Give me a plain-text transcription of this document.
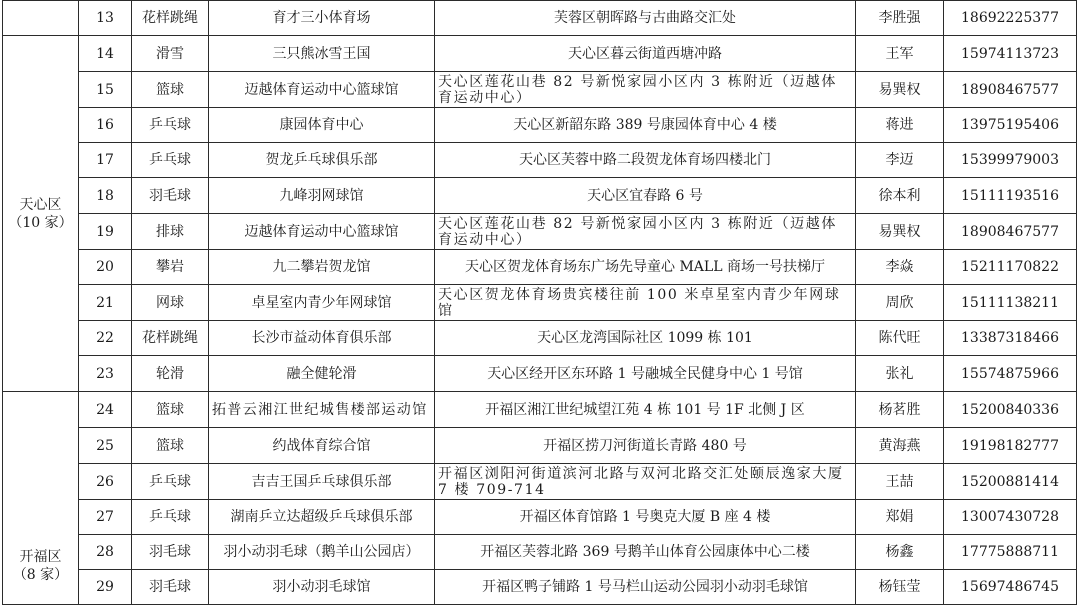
	13	花样跳绳	育才三小体育场	芙蓉区朝晖路与古曲路交汇处	李胜强	18692225377

天心区
（10 家）	14	滑雪	三只熊冰雪王国	天心区暮云街道西塘冲路	王军	15974113723
	15	篮球	迈越体育运动中心篮球馆	天心区莲花山巷 82 号新悦家园小区内 3 栋附近（迈越体育运动中心）	易巽权	18908467577
	16	乒乓球	康园体育中心	天心区新韶东路 389 号康园体育中心 4 楼	蒋进	13975195406
	17	乒乓球	贺龙乒乓球俱乐部	天心区芙蓉中路二段贺龙体育场四楼北门	李迈	15399979003
	18	羽毛球	九峰羽网球馆	天心区宜春路 6 号	徐本利	15111193516
	19	排球	迈越体育运动中心篮球馆	天心区莲花山巷 82 号新悦家园小区内 3 栋附近（迈越体育运动中心）	易巽权	18908467577
	20	攀岩	九二攀岩贺龙馆	天心区贺龙体育场东广场先导童心 MALL 商场一号扶梯厅	李焱	15211170822
	21	网球	卓星室内青少年网球馆	天心区贺龙体育场贵宾楼往前 100 米卓星室内青少年网球馆	周欣	15111138211
	22	花样跳绳	长沙市益动体育俱乐部	天心区龙湾国际社区 1099 栋 101	陈代旺	13387318466
	23	轮滑	融全健轮滑	天心区经开区东环路 1 号融城全民健身中心 1 号馆	张礼	15574875966

开福区
（8 家）	24	篮球	拓普云湘江世纪城售楼部运动馆	开福区湘江世纪城望江苑 4 栋 101 号 1F 北侧 J 区	杨茗胜	15200840336
	25	篮球	约战体育综合馆	开福区捞刀河街道长青路 480 号	黄海燕	19198182777
	26	乒乓球	吉吉王国乒乓球俱乐部	开福区浏阳河街道滨河北路与双河北路交汇处颐辰逸家大厦 7 楼 709-714	王喆	15200881414
	27	乒乓球	湖南乒立达超级乒乓球俱乐部	开福区体育馆路 1 号奥克大厦 B 座 4 楼	郑娟	13007430728
	28	羽毛球	羽小动羽毛球（鹅羊山公园店）	开福区芙蓉北路 369 号鹅羊山体育公园康体中心二楼	杨鑫	17775888711
	29	羽毛球	羽小动羽毛球馆	开福区鸭子铺路 1 号马栏山运动公园羽小动羽毛球馆	杨钰莹	15697486745
